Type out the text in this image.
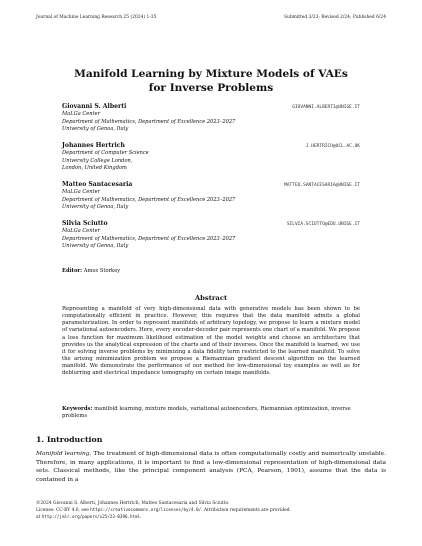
Journal of Machine Learning Research 25 (2024) 1-35	Submitted 3/23; Revised 2/24; Published 6/24
Manifold Learning by Mixture Models of VAEs
for Inverse Problems
Giovanni S. Alberti	GIOVANNI.ALBERTI@UNIGE.IT
MaLGa Center
Department of Mathematics, Department of Excellence 2023–2027
University of Genoa, Italy
Johannes Hertrich	J.HERTRICH@UCL.AC.UK
Department of Computer Science
University College London,
London, United Kingdom
Matteo Santacesaria	MATTEO.SANTACESARIA@UNIGE.IT
MaLGa Center
Department of Mathematics, Department of Excellence 2023–2027
University of Genoa, Italy
Silvia Sciutto	SILVIA.SCIUTTO@EDU.UNIGE.IT
MaLGa Center
Department of Mathematics, Department of Excellence 2023–2027
University of Genoa, Italy
Editor: Amos Storkey
Abstract
Representing a manifold of very high-dimensional data with generative models has been shown to be computationally efficient in practice. However, this requires that the data manifold admits a global parameterization. In order to represent manifolds of arbitrary topology, we propose to learn a mixture model of variational autoencoders. Here, every encoder-decoder pair represents one chart of a manifold. We propose a loss function for maximum likelihood estimation of the model weights and choose an architecture that provides us the analytical expression of the charts and of their inverses. Once the manifold is learned, we use it for solving inverse problems by minimizing a data fidelity term restricted to the learned manifold. To solve the arising minimization problem we propose a Riemannian gradient descent algorithm on the learned manifold. We demonstrate the performance of our method for low-dimensional toy examples as well as for deblurring and electrical impedance tomography on certain image manifolds.
Keywords: manifold learning, mixture models, variational autoencoders, Riemannian optimization, inverse problems
1. Introduction
Manifold learning. The treatment of high-dimensional data is often computationally costly and numerically unstable. Therefore, in many applications, it is important to find a low-dimensional representation of high-dimensional data sets. Classical methods, like the principal component analysis (PCA, Pearson, 1901), assume that the data is contained in a
©2024 Giovanni S. Alberti, Johannes Hertrich, Matteo Santacesaria and Silvia Sciutto.
License: CC-BY 4.0, see https://creativecommons.org/licenses/by/4.0/. Attribution requirements are provided
at http://jmlr.org/papers/v25/23-0396.html.
